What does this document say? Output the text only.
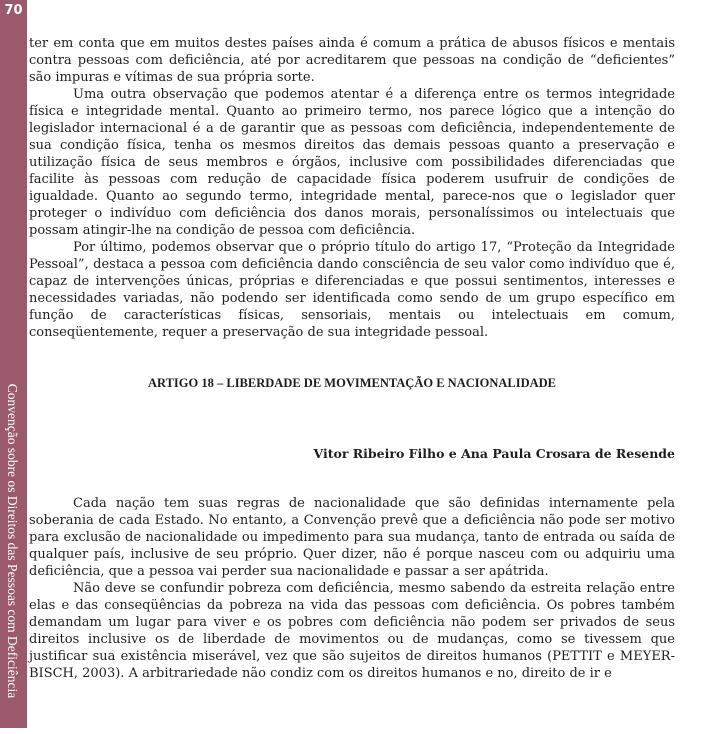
70
Convenção sobre os Direitos das Pessoas com Deficiência

ter em conta que em muitos destes países ainda é comum a prática de abusos físicos e mentais contra pessoas com deficiência, até por acreditarem que pessoas na condição de “deficientes” são impuras e vítimas de sua própria sorte.

Uma outra observação que podemos atentar é a diferença entre os termos integridade física e integridade mental. Quanto ao primeiro termo, nos parece lógico que a intenção do legislador internacional é a de garantir que as pessoas com deficiência, independentemente de sua condição física, tenha os mesmos direitos das demais pessoas quanto a preservação e utilização física de seus membros e órgãos, inclusive com possibilidades diferenciadas que facilite às pessoas com redução de capacidade física poderem usufruir de condições de igualdade. Quanto ao segundo termo, integridade mental, parece-nos que o legislador quer proteger o indivíduo com deficiência dos danos morais, personalíssimos ou intelectuais que possam atingir-lhe na condição de pessoa com deficiência.

Por último, podemos observar que o próprio título do artigo 17, “Proteção da Integridade Pessoal”, destaca a pessoa com deficiência dando consciência de seu valor como indivíduo que é, capaz de intervenções únicas, próprias e diferenciadas e que possui sentimentos, interesses e necessidades variadas, não podendo ser identificada como sendo de um grupo específico em função de características físicas, sensoriais, mentais ou intelectuais em comum, conseqüentemente, requer a preservação de sua integridade pessoal.

ARTIGO 18 – LIBERDADE DE MOVIMENTAÇÃO E NACIONALIDADE
Vitor Ribeiro Filho e Ana Paula Crosara de Resende

Cada nação tem suas regras de nacionalidade que são definidas internamente pela soberania de cada Estado. No entanto, a Convenção prevê que a deficiência não pode ser motivo para exclusão de nacionalidade ou impedimento para sua mudança, tanto de entrada ou saída de qualquer país, inclusive de seu próprio. Quer dizer, não é porque nasceu com ou adquiriu uma deficiência, que a pessoa vai perder sua nacionalidade e passar a ser apátrida.

Não deve se confundir pobreza com deficiência, mesmo sabendo da estreita relação entre elas e das conseqüências da pobreza na vida das pessoas com deficiência. Os pobres também demandam um lugar para viver e os pobres com deficiência não podem ser privados de seus direitos inclusive os de liberdade de movimentos ou de mudanças, como se tivessem que justificar sua existência miserável, vez que são sujeitos de direitos humanos (PETTIT e MEYER-BISCH, 2003). A arbitrariedade não condiz com os direitos humanos e no, direito de ir e
